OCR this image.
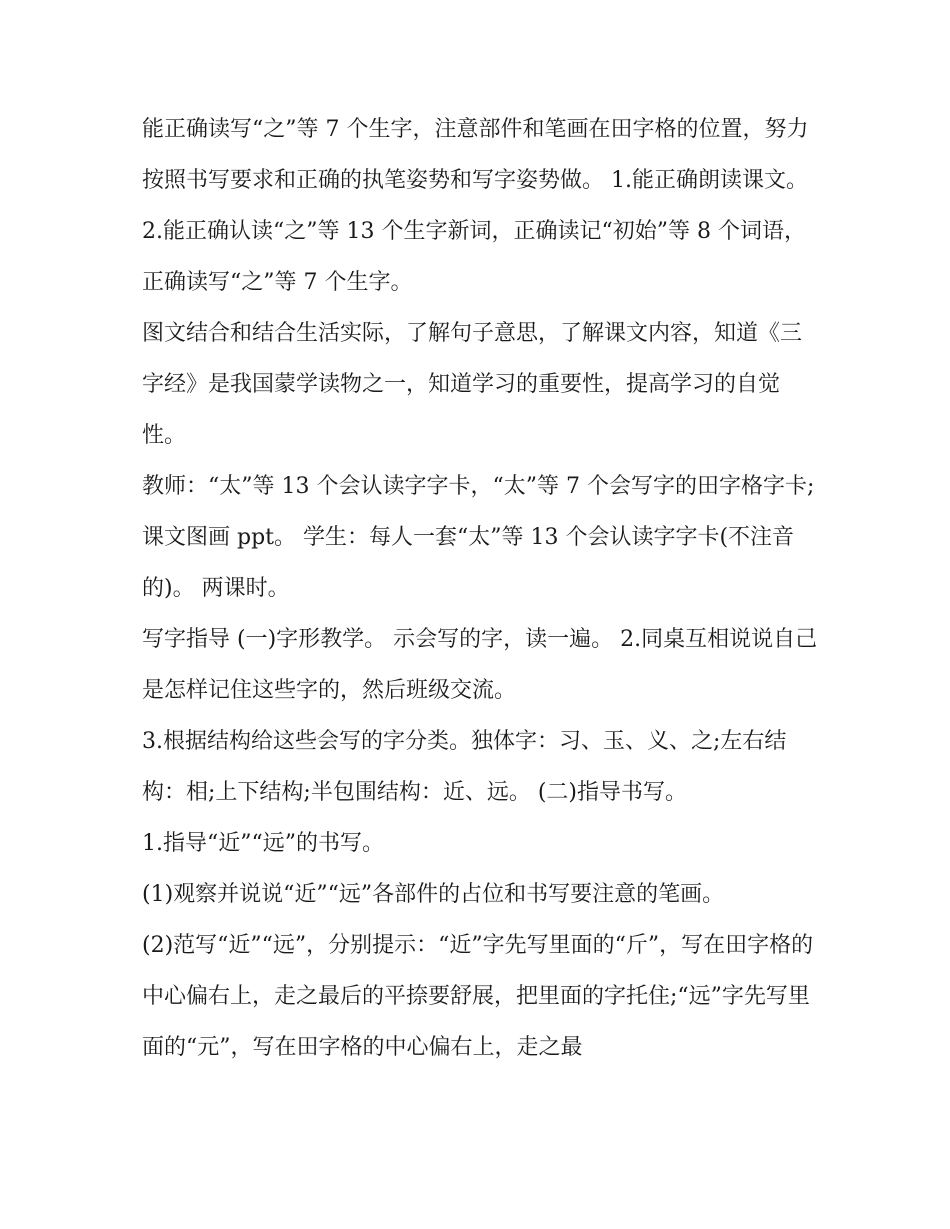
能正确读写“之”等 7 个生字，注意部件和笔画在田字格的位置，努力按照书写要求和正确的执笔姿势和写字姿势做。 1.能正确朗读课文。

2.能正确认读“之”等 13 个生字新词，正确读记“初始”等 8 个词语，正确读写“之”等 7 个生字。

图文结合和结合生活实际，了解句子意思，了解课文内容，知道《三字经》是我国蒙学读物之一，知道学习的重要性，提高学习的自觉性。

教师：“太”等 13 个会认读字字卡，“太”等 7 个会写字的田字格字卡;课文图画 ppt。 学生：每人一套“太”等 13 个会认读字字卡(不注音的)。 两课时。

写字指导 (一)字形教学。 示会写的字，读一遍。 2.同桌互相说说自己是怎样记住这些字的，然后班级交流。

3.根据结构给这些会写的字分类。独体字：习、玉、义、之;左右结构：相;上下结构;半包围结构：近、远。 (二)指导书写。

1.指导“近”“远”的书写。

(1)观察并说说“近”“远”各部件的占位和书写要注意的笔画。

(2)范写“近”“远”，分别提示：“近”字先写里面的“斤”，写在田字格的中心偏右上，走之最后的平捺要舒展，把里面的字托住;“远”字先写里面的“元”，写在田字格的中心偏右上，走之最
